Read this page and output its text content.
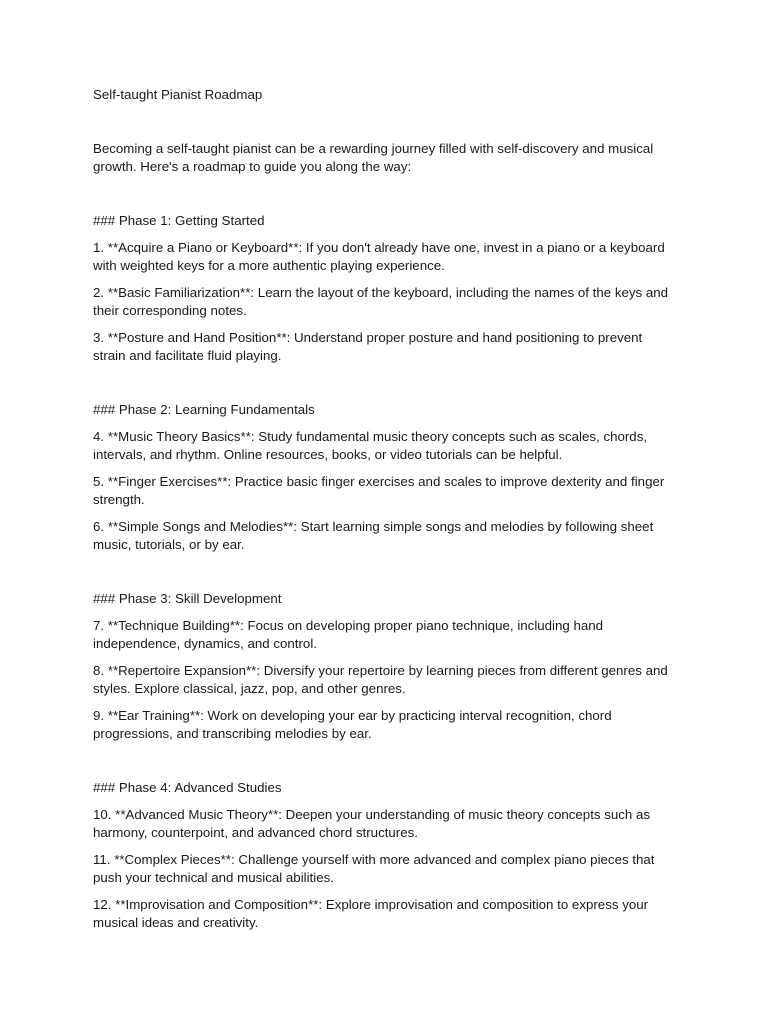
Self-taught Pianist Roadmap

Becoming a self-taught pianist can be a rewarding journey filled with self-discovery and musical growth. Here's a roadmap to guide you along the way:

### Phase 1: Getting Started

1. **Acquire a Piano or Keyboard**: If you don't already have one, invest in a piano or a keyboard with weighted keys for a more authentic playing experience.

2. **Basic Familiarization**: Learn the layout of the keyboard, including the names of the keys and their corresponding notes.

3. **Posture and Hand Position**: Understand proper posture and hand positioning to prevent strain and facilitate fluid playing.

### Phase 2: Learning Fundamentals

4. **Music Theory Basics**: Study fundamental music theory concepts such as scales, chords, intervals, and rhythm. Online resources, books, or video tutorials can be helpful.

5. **Finger Exercises**: Practice basic finger exercises and scales to improve dexterity and finger strength.

6. **Simple Songs and Melodies**: Start learning simple songs and melodies by following sheet music, tutorials, or by ear.

### Phase 3: Skill Development

7. **Technique Building**: Focus on developing proper piano technique, including hand independence, dynamics, and control.

8. **Repertoire Expansion**: Diversify your repertoire by learning pieces from different genres and styles. Explore classical, jazz, pop, and other genres.

9. **Ear Training**: Work on developing your ear by practicing interval recognition, chord progressions, and transcribing melodies by ear.

### Phase 4: Advanced Studies

10. **Advanced Music Theory**: Deepen your understanding of music theory concepts such as harmony, counterpoint, and advanced chord structures.

11. **Complex Pieces**: Challenge yourself with more advanced and complex piano pieces that push your technical and musical abilities.

12. **Improvisation and Composition**: Explore improvisation and composition to express your musical ideas and creativity.
